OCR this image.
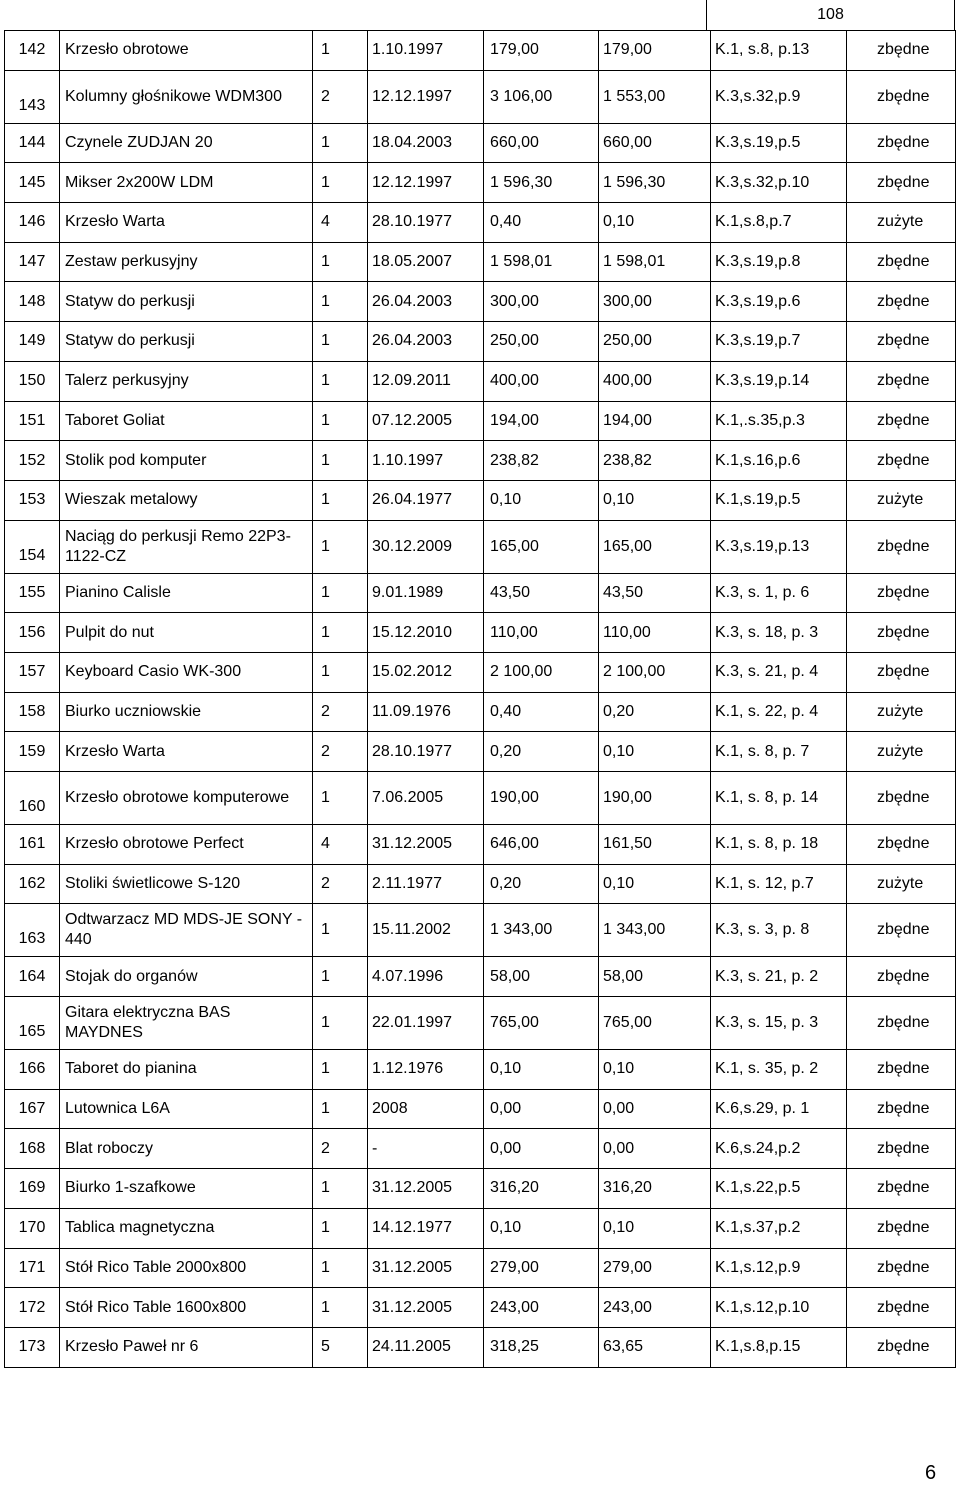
108
142	Krzesło obrotowe	1	1.10.1997	179,00	179,00	K.1, s.8, p.13	zbędne
143	Kolumny głośnikowe WDM300	2	12.12.1997	3 106,00	1 553,00	K.3,s.32,p.9	zbędne
144	Czynele ZUDJAN 20	1	18.04.2003	660,00	660,00	K.3,s.19,p.5	zbędne
145	Mikser 2x200W LDM	1	12.12.1997	1 596,30	1 596,30	K.3,s.32,p.10	zbędne
146	Krzesło Warta	4	28.10.1977	0,40	0,10	K.1,s.8,p.7	zużyte
147	Zestaw perkusyjny	1	18.05.2007	1 598,01	1 598,01	K.3,s.19,p.8	zbędne
148	Statyw do perkusji	1	26.04.2003	300,00	300,00	K.3,s.19,p.6	zbędne
149	Statyw do perkusji	1	26.04.2003	250,00	250,00	K.3,s.19,p.7	zbędne
150	Talerz perkusyjny	1	12.09.2011	400,00	400,00	K.3,s.19,p.14	zbędne
151	Taboret Goliat	1	07.12.2005	194,00	194,00	K.1,.s.35,p.3	zbędne
152	Stolik pod komputer	1	1.10.1997	238,82	238,82	K.1,s.16,p.6	zbędne
153	Wieszak metalowy	1	26.04.1977	0,10	0,10	K.1,s.19,p.5	zużyte
154	Naciąg do perkusji Remo 22P3-1122-CZ	1	30.12.2009	165,00	165,00	K.3,s.19,p.13	zbędne
155	Pianino Calisle	1	9.01.1989	43,50	43,50	K.3, s. 1, p. 6	zbędne
156	Pulpit do nut	1	15.12.2010	110,00	110,00	K.3, s. 18, p. 3	zbędne
157	Keyboard Casio WK-300	1	15.02.2012	2 100,00	2 100,00	K.3, s. 21, p. 4	zbędne
158	Biurko uczniowskie	2	11.09.1976	0,40	0,20	K.1, s. 22, p. 4	zużyte
159	Krzesło Warta	2	28.10.1977	0,20	0,10	K.1, s. 8, p. 7	zużyte
160	Krzesło obrotowe komputerowe	1	7.06.2005	190,00	190,00	K.1, s. 8, p. 14	zbędne
161	Krzesło obrotowe Perfect	4	31.12.2005	646,00	161,50	K.1, s. 8, p. 18	zbędne
162	Stoliki świetlicowe S-120	2	2.11.1977	0,20	0,10	K.1, s. 12, p.7	zużyte
163	Odtwarzacz MD MDS-JE SONY - 440	1	15.11.2002	1 343,00	1 343,00	K.3, s. 3, p. 8	zbędne
164	Stojak do organów	1	4.07.1996	58,00	58,00	K.3, s. 21, p. 2	zbędne
165	Gitara elektryczna BAS MAYDNES	1	22.01.1997	765,00	765,00	K.3, s. 15, p. 3	zbędne
166	Taboret do pianina	1	1.12.1976	0,10	0,10	K.1, s. 35, p. 2	zbędne
167	Lutownica L6A	1	2008	0,00	0,00	K.6,s.29, p. 1	zbędne
168	Blat roboczy	2	-	0,00	0,00	K.6,s.24,p.2	zbędne
169	Biurko 1-szafkowe	1	31.12.2005	316,20	316,20	K.1,s.22,p.5	zbędne
170	Tablica magnetyczna	1	14.12.1977	0,10	0,10	K.1,s.37,p.2	zbędne
171	Stół Rico Table 2000x800	1	31.12.2005	279,00	279,00	K.1,s.12,p.9	zbędne
172	Stół Rico Table 1600x800	1	31.12.2005	243,00	243,00	K.1,s.12,p.10	zbędne
173	Krzesło Paweł nr 6	5	24.11.2005	318,25	63,65	K.1,s.8,p.15	zbędne
6
